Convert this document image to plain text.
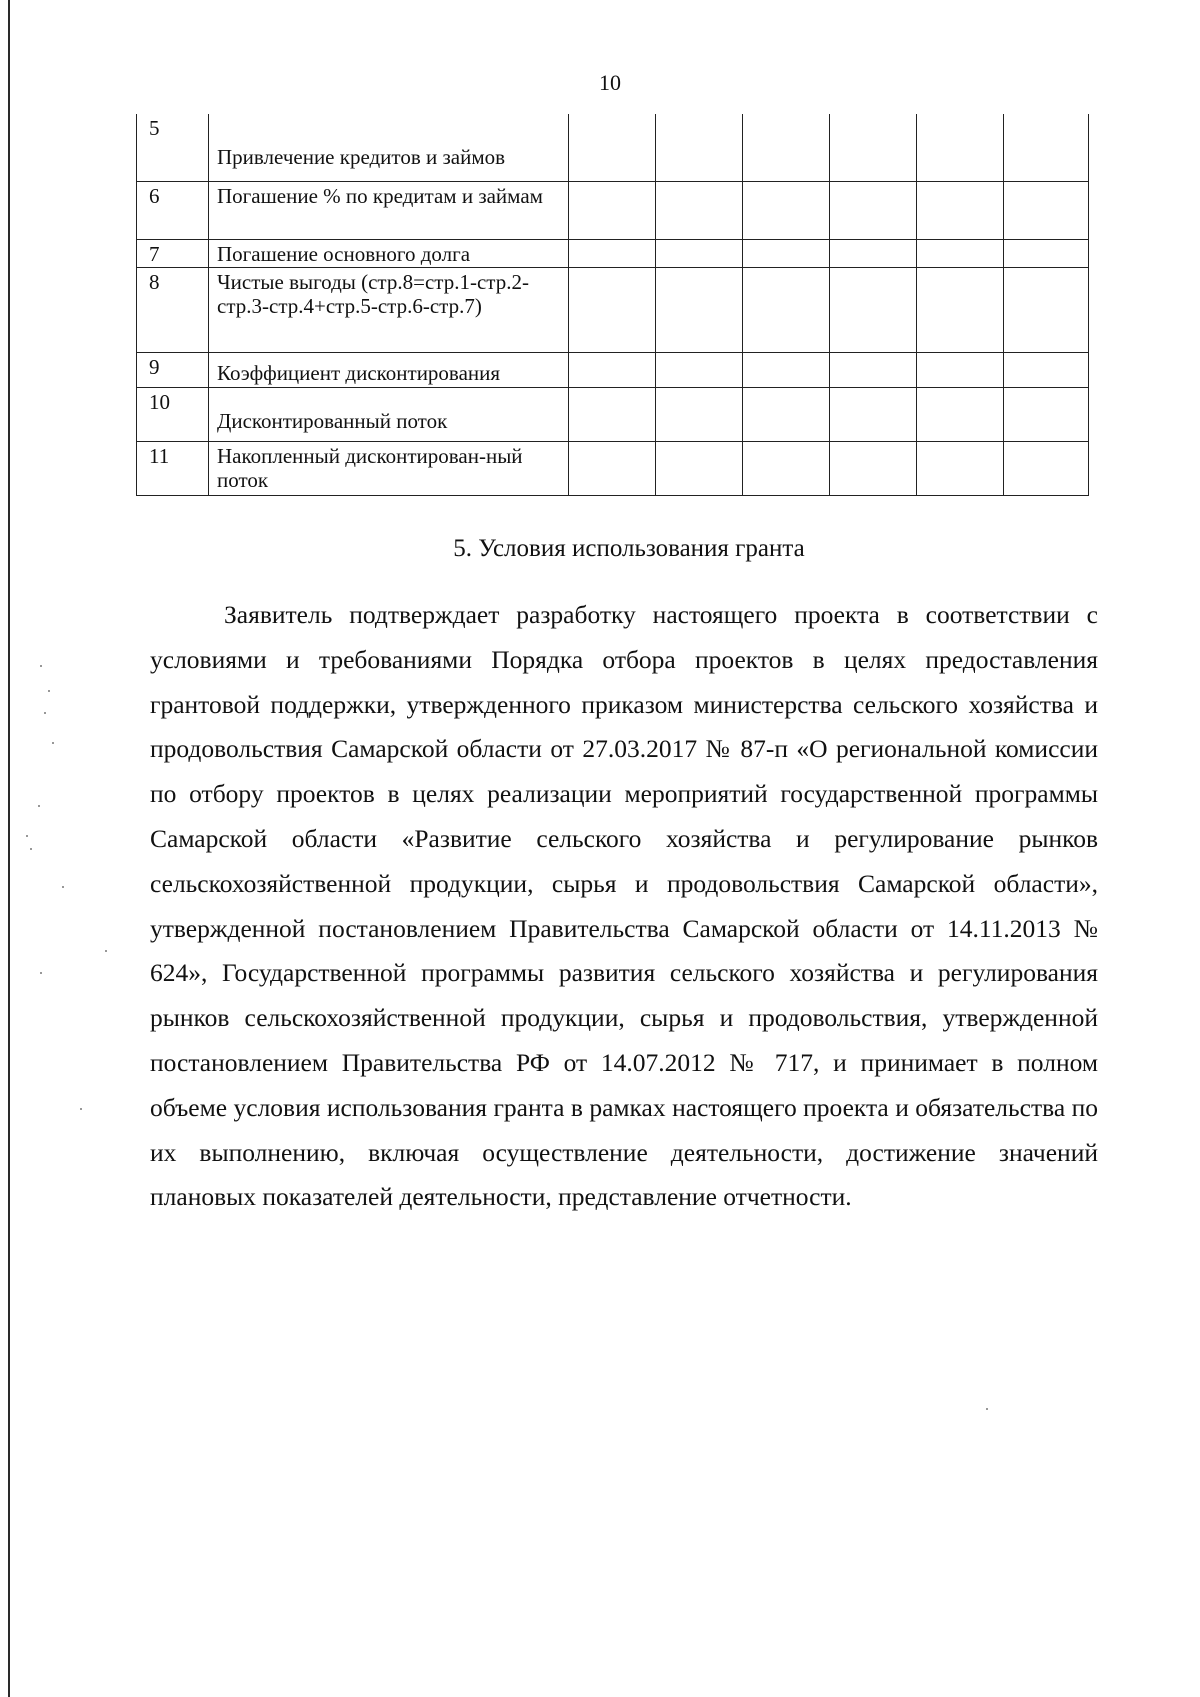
10
5	Привлечение кредитов и займов						
6	Погашение % по кредитам и займам						
7	Погашение основного долга						
8	Чистые выгоды (стр.8=стр.1-стр.2-стр.3-стр.4+стр.5-стр.6-стр.7)						
9	Коэффициент дисконтирования						
10	Дисконтированный поток						
11	Накопленный дисконтирован-ный поток						
5. Условия использования гранта

Заявитель подтверждает разработку настоящего проекта в соответствии с условиями и требованиями Порядка отбора проектов в целях предоставления грантовой поддержки, утвержденного приказом министерства сельского хозяйства и продовольствия Самарской области от 27.03.2017 № 87-п «О региональной комиссии по отбору проектов в целях реализации мероприятий государственной программы Самарской области «Развитие сельского хозяйства и регулирование рынков сельскохозяйственной продукции, сырья и продовольствия Самарской области», утвержденной постановлением Правительства Самарской области от 14.11.2013 № 624», Государственной программы развития сельского хозяйства и регулирования рынков сельскохозяйственной продукции, сырья и продовольствия, утвержденной постановлением Правительства РФ от 14.07.2012 № 717, и принимает в полном объеме условия использования гранта в рамках настоящего проекта и обязательства по их выполнению, включая осуществление деятельности, достижение значений плановых показателей деятельности, представление отчетности.
